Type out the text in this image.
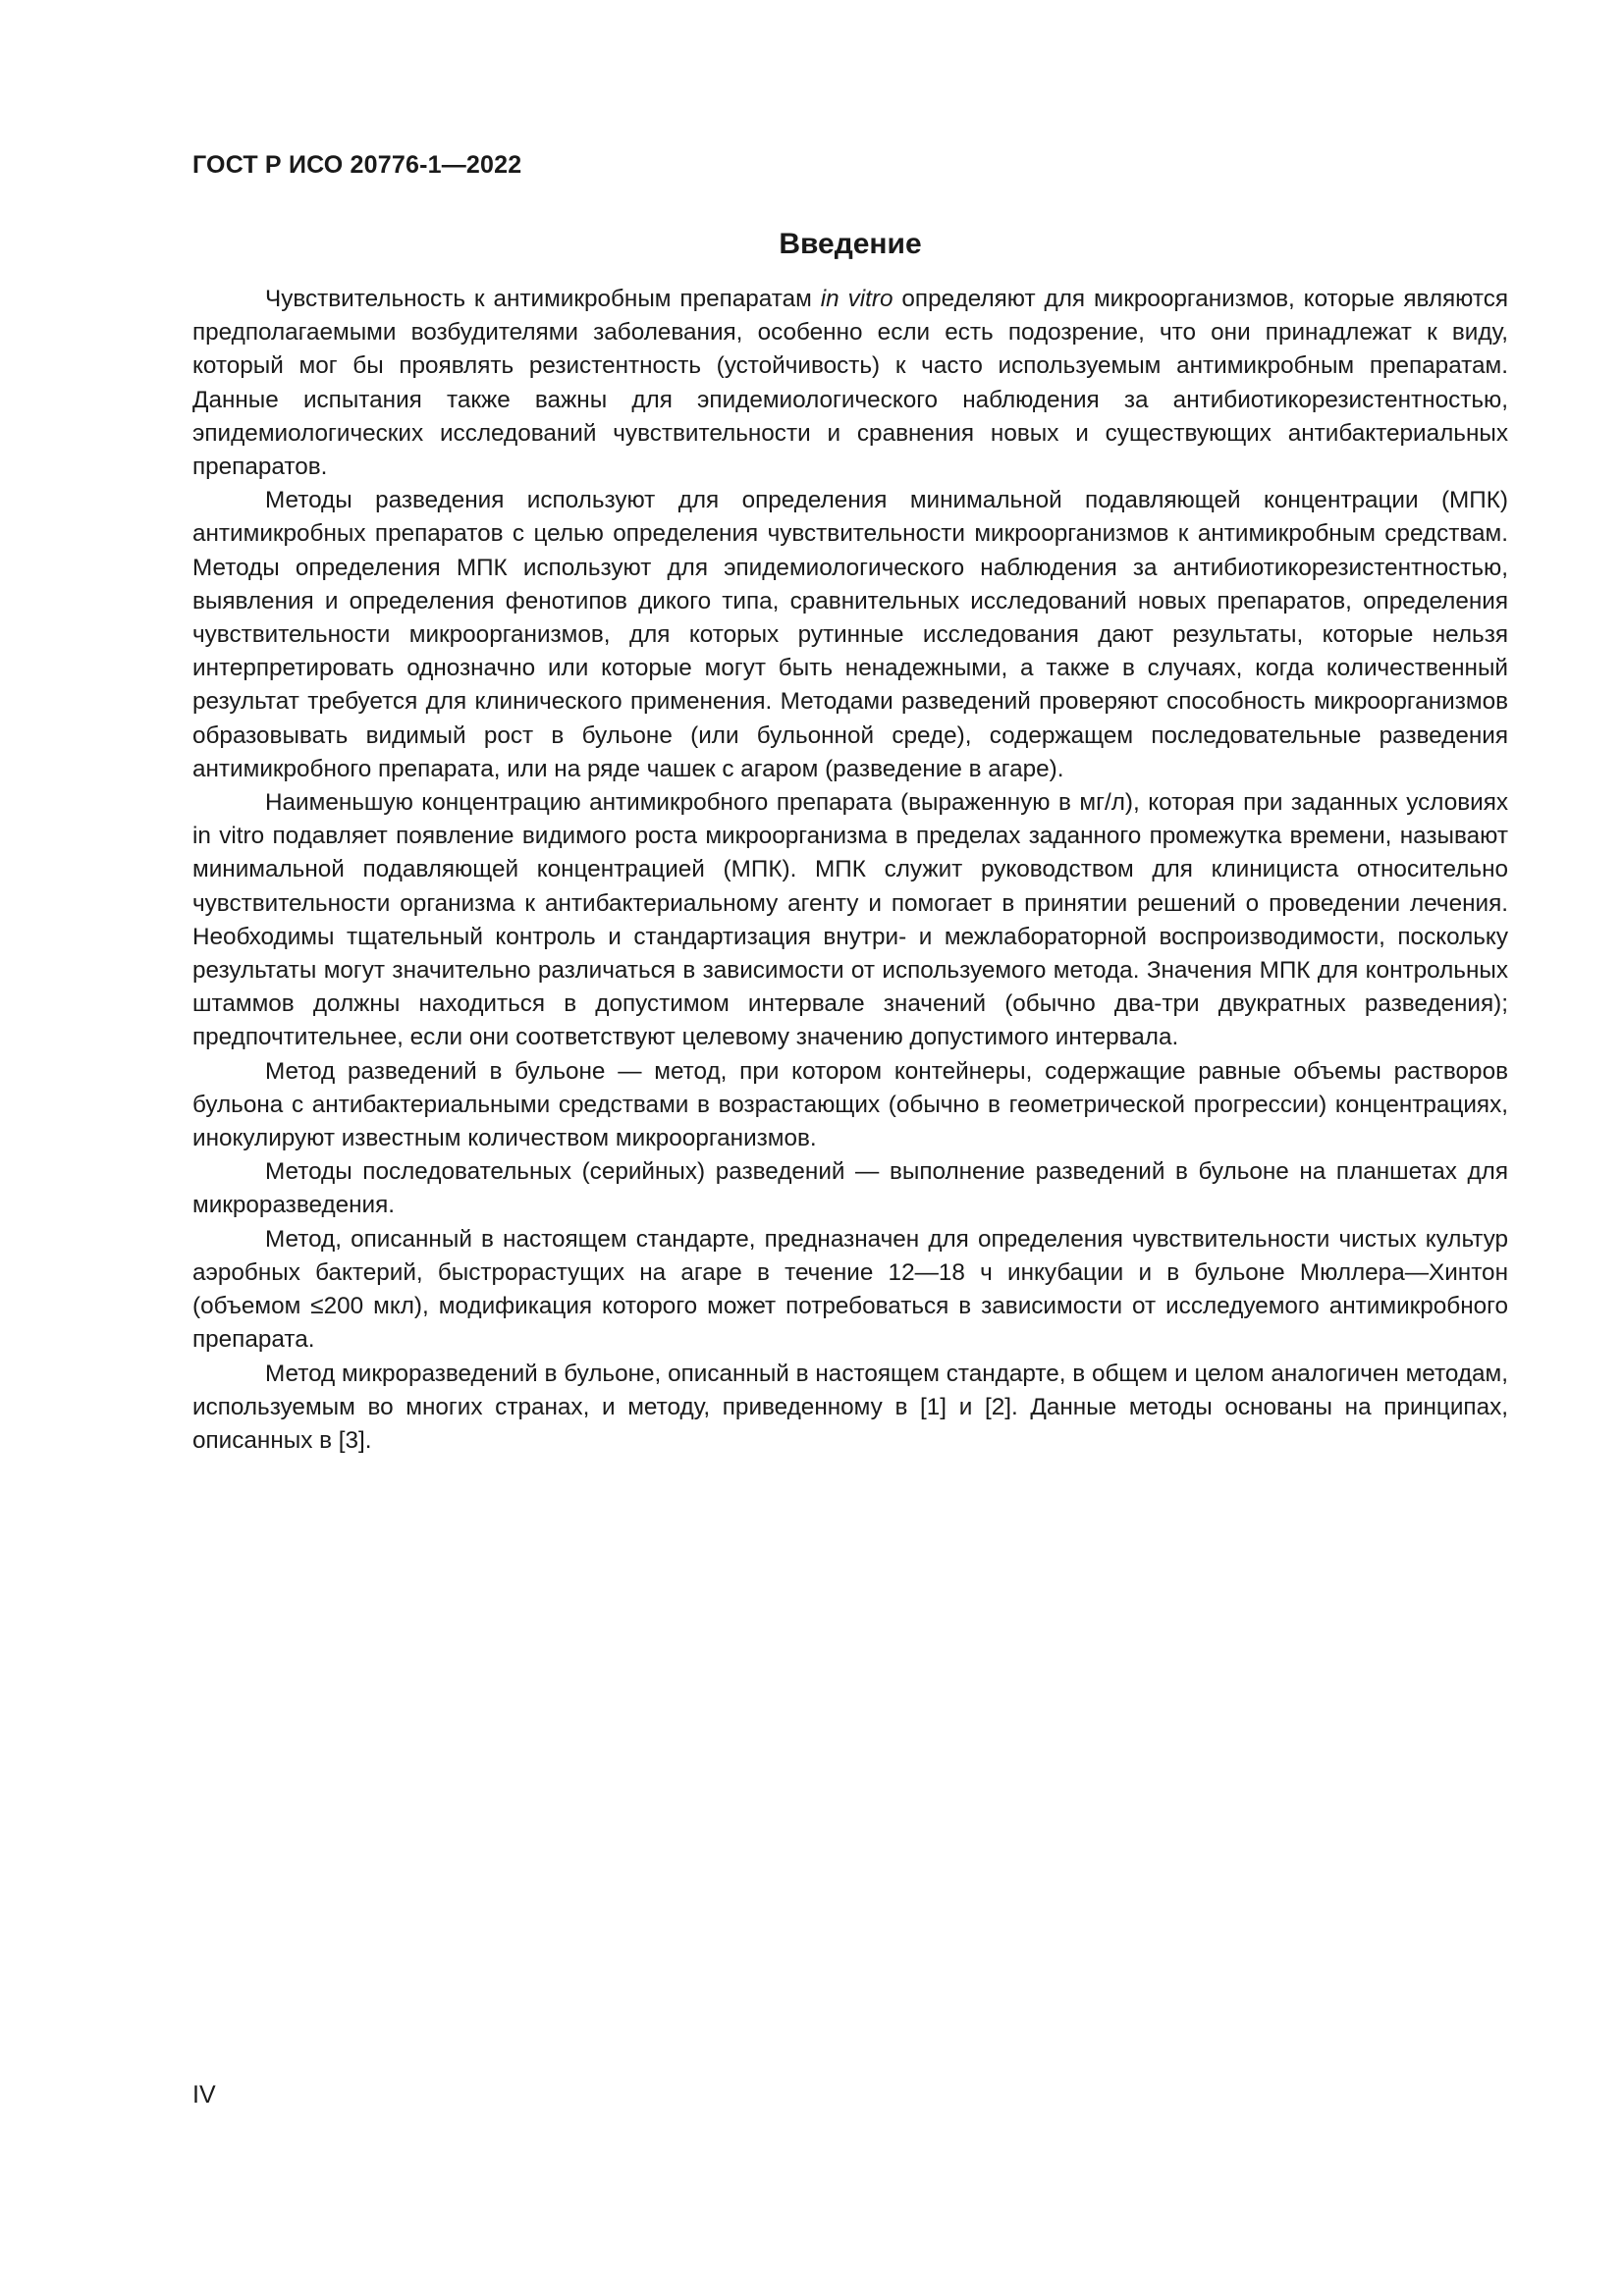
ГОСТ Р ИСО 20776-1—2022
Введение

Чувствительность к антимикробным препаратам in vitro определяют для микроорганизмов, которые являются предполагаемыми возбудителями заболевания, особенно если есть подозрение, что они принадлежат к виду, который мог бы проявлять резистентность (устойчивость) к часто используемым антимикробным препаратам. Данные испытания также важны для эпидемиологического наблюдения за антибиотикорезистентностью, эпидемиологических исследований чувствительности и сравнения новых и существующих антибактериальных препаратов.

Методы разведения используют для определения минимальной подавляющей концентрации (МПК) антимикробных препаратов с целью определения чувствительности микроорганизмов к антимикробным средствам. Методы определения МПК используют для эпидемиологического наблюдения за антибиотикорезистентностью, выявления и определения фенотипов дикого типа, сравнительных исследований новых препаратов, определения чувствительности микроорганизмов, для которых рутинные исследования дают результаты, которые нельзя интерпретировать однозначно или которые могут быть ненадежными, а также в случаях, когда количественный результат требуется для клинического применения. Методами разведений проверяют способность микроорганизмов образовывать видимый рост в бульоне (или бульонной среде), содержащем последовательные разведения антимикробного препарата, или на ряде чашек с агаром (разведение в агаре).

Наименьшую концентрацию антимикробного препарата (выраженную в мг/л), которая при заданных условиях in vitro подавляет появление видимого роста микроорганизма в пределах заданного промежутка времени, называют минимальной подавляющей концентрацией (МПК). МПК служит руководством для клинициста относительно чувствительности организма к антибактериальному агенту и помогает в принятии решений о проведении лечения. Необходимы тщательный контроль и стандартизация внутри- и межлабораторной воспроизводимости, поскольку результаты могут значительно различаться в зависимости от используемого метода. Значения МПК для контрольных штаммов должны находиться в допустимом интервале значений (обычно два-три двукратных разведения); предпочтительнее, если они соответствуют целевому значению допустимого интервала.

Метод разведений в бульоне — метод, при котором контейнеры, содержащие равные объемы растворов бульона с антибактериальными средствами в возрастающих (обычно в геометрической прогрессии) концентрациях, инокулируют известным количеством микроорганизмов.

Методы последовательных (серийных) разведений — выполнение разведений в бульоне на планшетах для микроразведения.

Метод, описанный в настоящем стандарте, предназначен для определения чувствительности чистых культур аэробных бактерий, быстрорастущих на агаре в течение 12—18 ч инкубации и в бульоне Мюллера—Хинтон (объемом ≤200 мкл), модификация которого может потребоваться в зависимости от исследуемого антимикробного препарата.

Метод микроразведений в бульоне, описанный в настоящем стандарте, в общем и целом аналогичен методам, используемым во многих странах, и методу, приведенному в [1] и [2]. Данные методы основаны на принципах, описанных в [3].

IV
